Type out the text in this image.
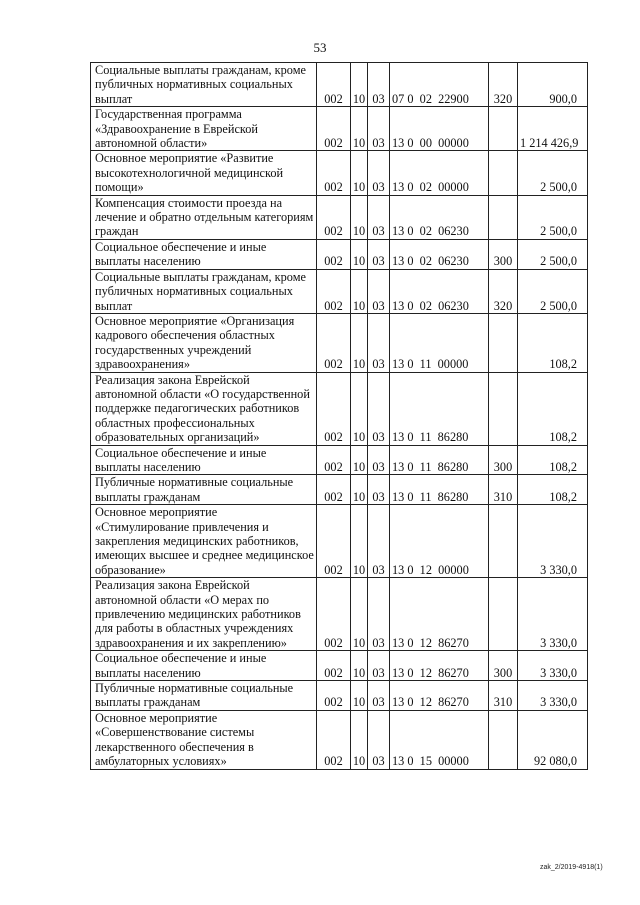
53
Социальные выплаты гражданам, кроме публичных нормативных социальных выплат	002	10	03	07 0  02  22900	320	900,0
Государственная программа «Здравоохранение в Еврейской автономной области»	002	10	03	13 0  00  00000		1 214 426,9
Основное мероприятие «Развитие высокотехнологичной медицинской помощи»	002	10	03	13 0  02  00000		2 500,0
Компенсация стоимости проезда на лечение и обратно отдельным категориям граждан	002	10	03	13 0  02  06230		2 500,0
Социальное обеспечение и иные выплаты населению	002	10	03	13 0  02  06230	300	2 500,0
Социальные выплаты гражданам, кроме публичных нормативных социальных выплат	002	10	03	13 0  02  06230	320	2 500,0
Основное мероприятие «Организация кадрового обеспечения областных государственных учреждений здравоохранения»	002	10	03	13 0  11  00000		108,2
Реализация закона Еврейской автономной области «О государственной поддержке педагогических работников областных профессиональных образовательных организаций»	002	10	03	13 0  11  86280		108,2
Социальное обеспечение и иные выплаты населению	002	10	03	13 0  11  86280	300	108,2
Публичные нормативные социальные выплаты гражданам	002	10	03	13 0  11  86280	310	108,2
Основное мероприятие «Стимулирование привлечения и закрепления медицинских работников, имеющих высшее и среднее медицинское образование»	002	10	03	13 0  12  00000		3 330,0
Реализация закона Еврейской автономной области «О мерах по привлечению медицинских работников для работы в областных учреждениях здравоохранения и их закреплению»	002	10	03	13 0  12  86270		3 330,0
Социальное обеспечение и иные выплаты населению	002	10	03	13 0  12  86270	300	3 330,0
Публичные нормативные социальные выплаты гражданам	002	10	03	13 0  12  86270	310	3 330,0
Основное мероприятие «Совершенствование системы лекарственного обеспечения в амбулаторных условиях»	002	10	03	13 0  15  00000		92 080,0
zak_2/2019-4918(1)
